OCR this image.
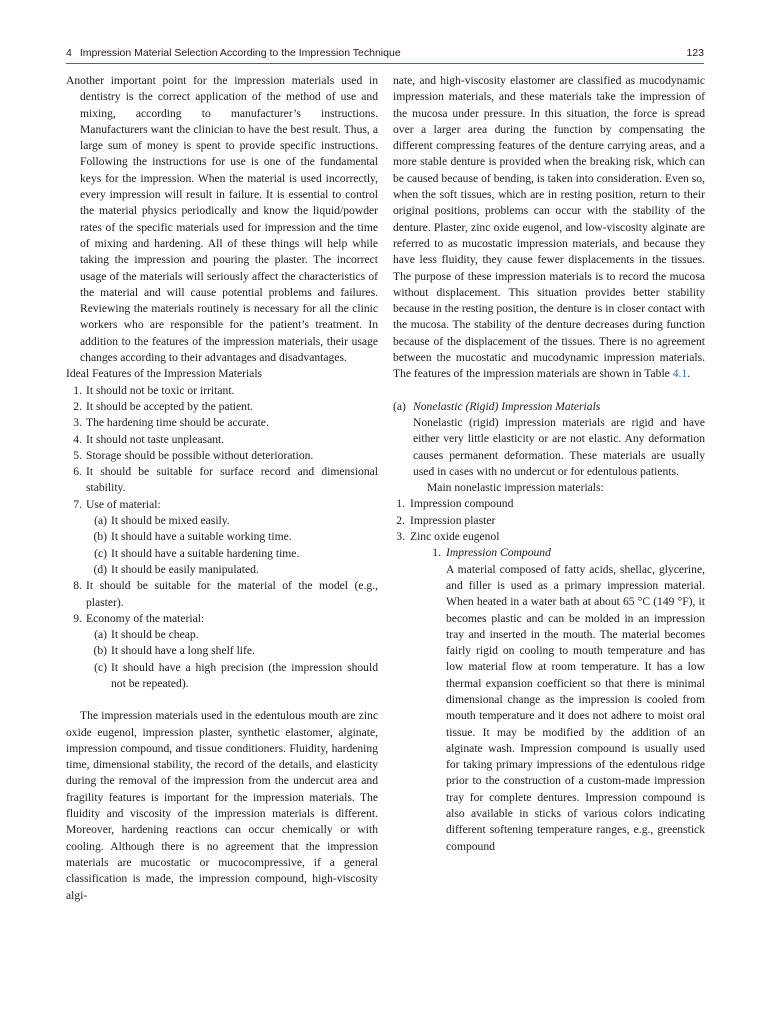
4 Impression Material Selection According to the Impression Technique	123

Another important point for the impression materials used in dentistry is the correct application of the method of use and mixing, according to manufacturer’s instructions. Manufacturers want the clinician to have the best result. Thus, a large sum of money is spent to provide specific instructions. Following the instructions for use is one of the fundamental keys for the impression. When the material is used incorrectly, every impression will result in failure. It is essential to control the material physics periodically and know the liquid/powder rates of the specific materials used for impression and the time of mixing and hardening. All of these things will help while taking the impression and pouring the plaster. The incorrect usage of the materials will seriously affect the characteristics of the material and will cause potential problems and failures. Reviewing the materials routinely is necessary for all the clinic workers who are responsible for the patient’s treatment. In addition to the features of the impression materials, their usage changes according to their advantages and disadvantages.

Ideal Features of the Impression Materials

1. It should not be toxic or irritant.
2. It should be accepted by the patient.
3. The hardening time should be accurate.
4. It should not taste unpleasant.
5. Storage should be possible without deterioration.
6. It should be suitable for surface record and dimensional stability.
7. Use of material:
(a) It should be mixed easily.
(b) It should have a suitable working time.
(c) It should have a suitable hardening time.
(d) It should be easily manipulated.
8. It should be suitable for the material of the model (e.g., plaster).
9. Economy of the material:
(a) It should be cheap.
(b) It should have a long shelf life.
(c) It should have a high precision (the impression should not be repeated).

The impression materials used in the edentulous mouth are zinc oxide eugenol, impression plaster, synthetic elastomer, alginate, impression compound, and tissue conditioners. Fluidity, hardening time, dimensional stability, the record of the details, and elasticity during the removal of the impression from the undercut area and fragility features is important for the impression materials. The fluidity and viscosity of the impression materials is different. Moreover, hardening reactions can occur chemically or with cooling. Although there is no agreement that the impression materials are mucostatic or mucocompressive, if a general classification is made, the impression compound, high-viscosity algi-

nate, and high-viscosity elastomer are classified as mucodynamic impression materials, and these materials take the impression of the mucosa under pressure. In this situation, the force is spread over a larger area during the function by compensating the different compressing features of the denture carrying areas, and a more stable denture is provided when the breaking risk, which can be caused because of bending, is taken into consideration. Even so, when the soft tissues, which are in resting position, return to their original positions, problems can occur with the stability of the denture. Plaster, zinc oxide eugenol, and low-viscosity alginate are referred to as mucostatic impression materials, and because they have less fluidity, they cause fewer displacements in the tissues. The purpose of these impression materials is to record the mucosa without displacement. This situation provides better stability because in the resting position, the denture is in closer contact with the mucosa. The stability of the denture decreases during function because of the displacement of the tissues. There is no agreement between the mucostatic and mucodynamic impression materials. The features of the impression materials are shown in Table 4.1.

(a) Nonelastic (Rigid) Impression Materials

Nonelastic (rigid) impression materials are rigid and have either very little elasticity or are not elastic. Any deformation causes permanent deformation. These materials are usually used in cases with no undercut or for edentulous patients.

Main nonelastic impression materials:

1. Impression compound
2. Impression plaster
3. Zinc oxide eugenol
1. Impression Compound

A material composed of fatty acids, shellac, glycerine, and filler is used as a primary impression material. When heated in a water bath at about 65 °C (149 °F), it becomes plastic and can be molded in an impression tray and inserted in the mouth. The material becomes fairly rigid on cooling to mouth temperature and has low material flow at room temperature. It has a low thermal expansion coefficient so that there is minimal dimensional change as the impression is cooled from mouth temperature and it does not adhere to moist oral tissue. It may be modified by the addition of an alginate wash. Impression compound is usually used for taking primary impressions of the edentulous ridge prior to the construction of a custom-made impression tray for complete dentures. Impression compound is also available in sticks of various colors indicating different softening temperature ranges, e.g., greenstick compound
